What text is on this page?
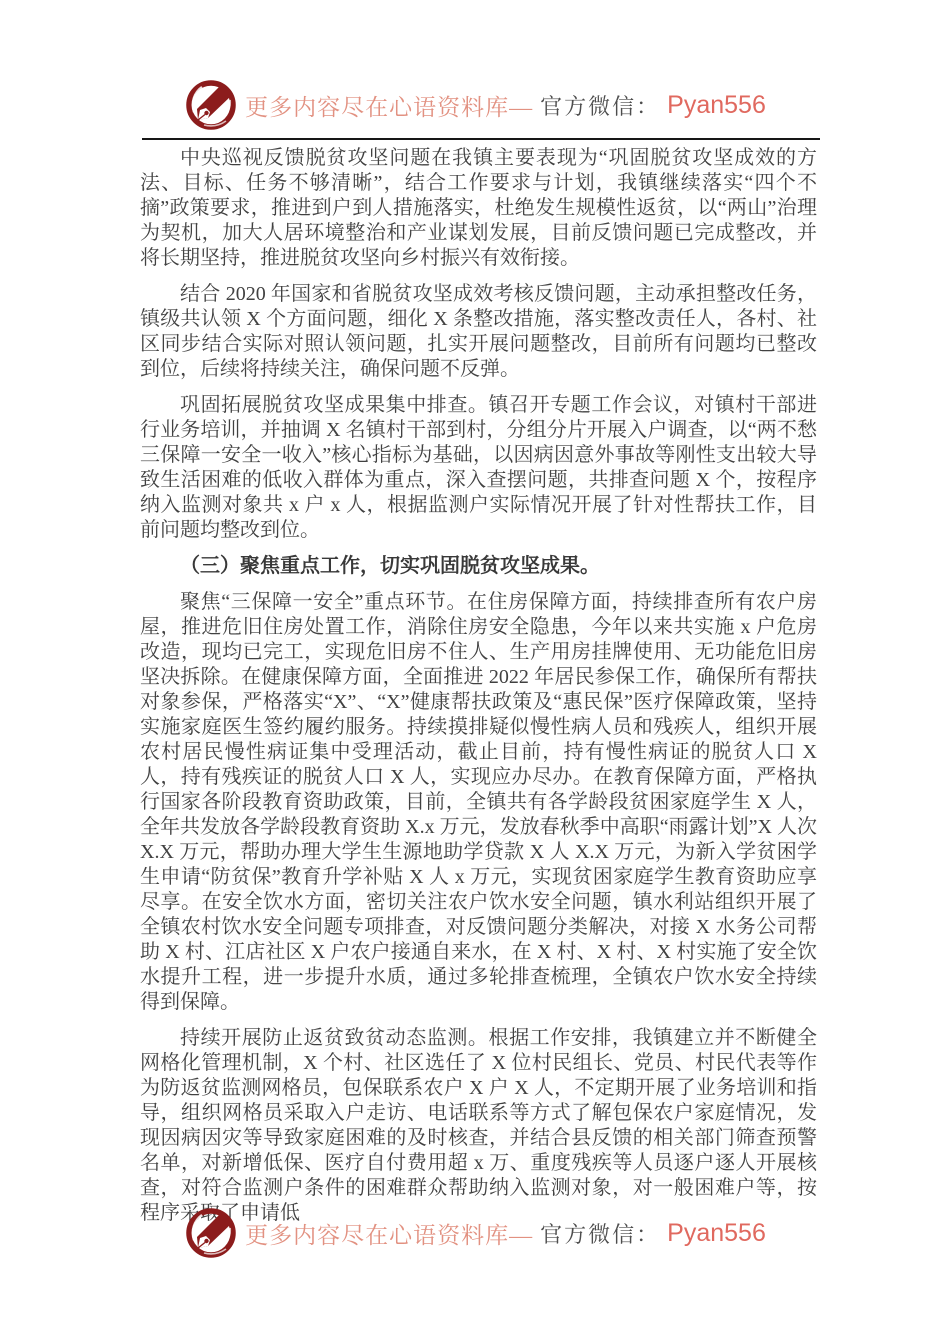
更多内容尽在心语资料库— 官方微信： Pyan556

中央巡视反馈脱贫攻坚问题在我镇主要表现为“巩固脱贫攻坚成效的方法、目标、任务不够清晰”，结合工作要求与计划，我镇继续落实“四个不摘”政策要求，推进到户到人措施落实，杜绝发生规模性返贫，以“两山”治理为契机，加大人居环境整治和产业谋划发展，目前反馈问题已完成整改，并将长期坚持，推进脱贫攻坚向乡村振兴有效衔接。

结合 2020 年国家和省脱贫攻坚成效考核反馈问题，主动承担整改任务，镇级共认领 X 个方面问题，细化 X 条整改措施，落实整改责任人，各村、社区同步结合实际对照认领问题，扎实开展问题整改，目前所有问题均已整改到位，后续将持续关注，确保问题不反弹。

巩固拓展脱贫攻坚成果集中排查。镇召开专题工作会议，对镇村干部进行业务培训，并抽调 X 名镇村干部到村，分组分片开展入户调查，以“两不愁三保障一安全一收入”核心指标为基础，以因病因意外事故等刚性支出较大导致生活困难的低收入群体为重点，深入查摆问题，共排查问题 X 个，按程序纳入监测对象共 x 户 x 人，根据监测户实际情况开展了针对性帮扶工作，目前问题均整改到位。

（三）聚焦重点工作，切实巩固脱贫攻坚成果。

聚焦“三保障一安全”重点环节。在住房保障方面，持续排查所有农户房屋，推进危旧住房处置工作，消除住房安全隐患，今年以来共实施 x 户危房改造，现均已完工，实现危旧房不住人、生产用房挂牌使用、无功能危旧房坚决拆除。在健康保障方面，全面推进 2022 年居民参保工作，确保所有帮扶对象参保，严格落实“X”、“X”健康帮扶政策及“惠民保”医疗保障政策，坚持实施家庭医生签约履约服务。持续摸排疑似慢性病人员和残疾人，组织开展农村居民慢性病证集中受理活动，截止目前，持有慢性病证的脱贫人口 X 人，持有残疾证的脱贫人口 X 人，实现应办尽办。在教育保障方面，严格执行国家各阶段教育资助政策，目前，全镇共有各学龄段贫困家庭学生 X 人，全年共发放各学龄段教育资助 X.x 万元，发放春秋季中高职“雨露计划”X 人次 X.X 万元，帮助办理大学生生源地助学贷款 X 人 X.X 万元，为新入学贫困学生申请“防贫保”教育升学补贴 X 人 x 万元，实现贫困家庭学生教育资助应享尽享。在安全饮水方面，密切关注农户饮水安全问题，镇水利站组织开展了全镇农村饮水安全问题专项排查，对反馈问题分类解决，对接 X 水务公司帮助 X 村、江店社区 X 户农户接通自来水，在 X 村、X 村、X 村实施了安全饮水提升工程，进一步提升水质，通过多轮排查梳理，全镇农户饮水安全持续得到保障。

持续开展防止返贫致贫动态监测。根据工作安排，我镇建立并不断健全网格化管理机制，X 个村、社区选任了 X 位村民组长、党员、村民代表等作为防返贫监测网格员，包保联系农户 X 户 X 人，不定期开展了业务培训和指导，组织网格员采取入户走访、电话联系等方式了解包保农户家庭情况，发现因病因灾等导致家庭困难的及时核查，并结合县反馈的相关部门筛查预警名单，对新增低保、医疗自付费用超 x 万、重度残疾等人员逐户逐人开展核查，对符合监测户条件的困难群众帮助纳入监测对象，对一般困难户等，按程序采取了申请低

更多内容尽在心语资料库— 官方微信： Pyan556
